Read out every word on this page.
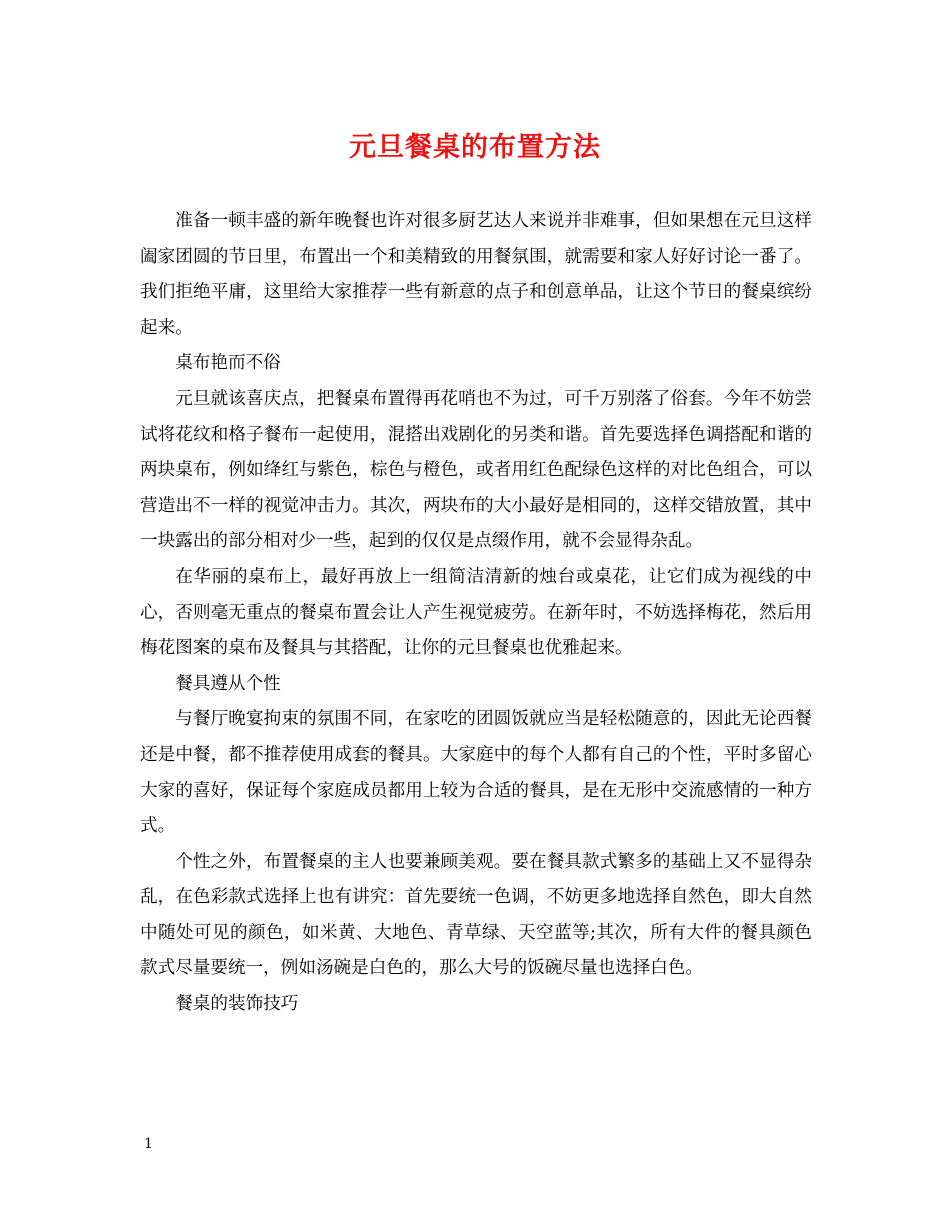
元旦餐桌的布置方法

准备一顿丰盛的新年晚餐也许对很多厨艺达人来说并非难事，但如果想在元旦这样阖家团圆的节日里，布置出一个和美精致的用餐氛围，就需要和家人好好讨论一番了。我们拒绝平庸，这里给大家推荐一些有新意的点子和创意单品，让这个节日的餐桌缤纷起来。

桌布艳而不俗

元旦就该喜庆点，把餐桌布置得再花哨也不为过，可千万别落了俗套。今年不妨尝试将花纹和格子餐布一起使用，混搭出戏剧化的另类和谐。首先要选择色调搭配和谐的两块桌布，例如绛红与紫色，棕色与橙色，或者用红色配绿色这样的对比色组合，可以营造出不一样的视觉冲击力。其次，两块布的大小最好是相同的，这样交错放置，其中一块露出的部分相对少一些，起到的仅仅是点缀作用，就不会显得杂乱。

在华丽的桌布上，最好再放上一组简洁清新的烛台或桌花，让它们成为视线的中心，否则毫无重点的餐桌布置会让人产生视觉疲劳。在新年时，不妨选择梅花，然后用梅花图案的桌布及餐具与其搭配，让你的元旦餐桌也优雅起来。

餐具遵从个性

与餐厅晚宴拘束的氛围不同，在家吃的团圆饭就应当是轻松随意的，因此无论西餐还是中餐，都不推荐使用成套的餐具。大家庭中的每个人都有自己的个性，平时多留心大家的喜好，保证每个家庭成员都用上较为合适的餐具，是在无形中交流感情的一种方式。

个性之外，布置餐桌的主人也要兼顾美观。要在餐具款式繁多的基础上又不显得杂乱，在色彩款式选择上也有讲究：首先要统一色调，不妨更多地选择自然色，即大自然中随处可见的颜色，如米黄、大地色、青草绿、天空蓝等;其次，所有大件的餐具颜色款式尽量要统一，例如汤碗是白色的，那么大号的饭碗尽量也选择白色。

餐桌的装饰技巧

1
